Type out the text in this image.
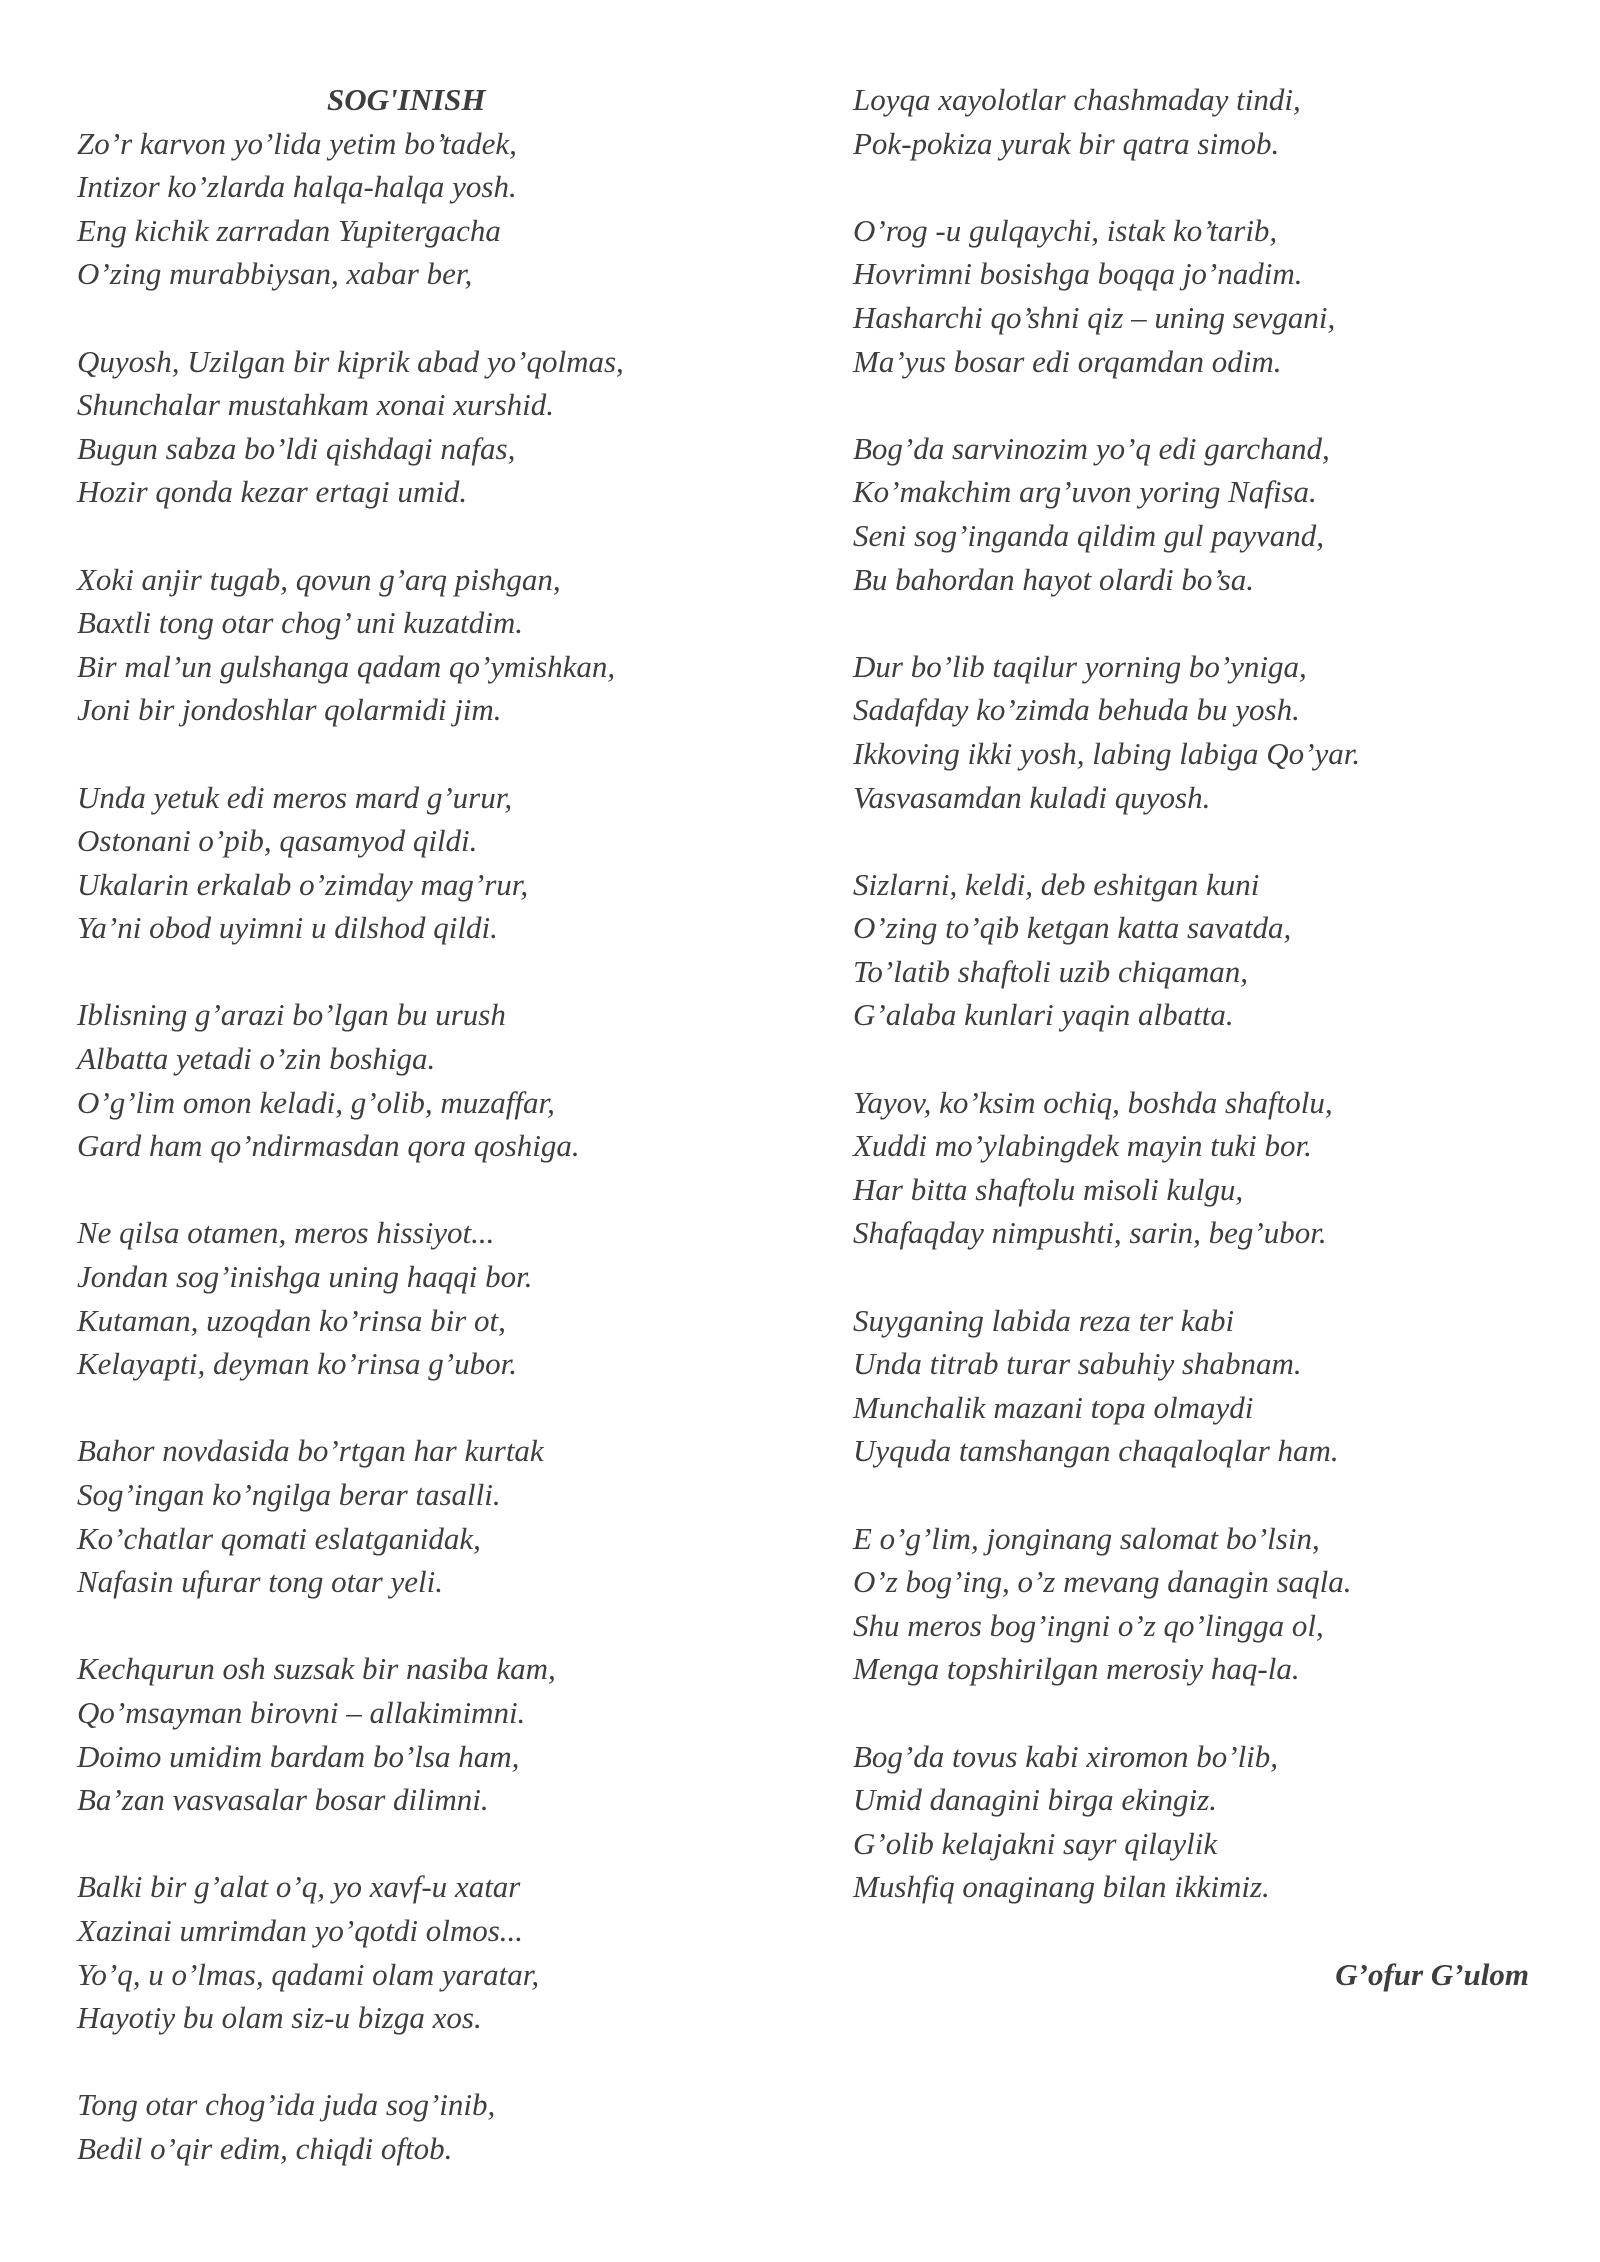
SOG'INISH
Zo’r karvon yo’lida yetim bo’tadek,
Intizor ko’zlarda halqa-halqa yosh.
Eng kichik zarradan Yupitergacha
O’zing murabbiysan, xabar ber,
Quyosh, Uzilgan bir kiprik abad yo’qolmas,
Shunchalar mustahkam xonai xurshid.
Bugun sabza bo’ldi qishdagi nafas,
Hozir qonda kezar ertagi umid.
Xoki anjir tugab, qovun g’arq pishgan,
Baxtli tong otar chog’ uni kuzatdim.
Bir mal’un gulshanga qadam qo’ymishkan,
Joni bir jondoshlar qolarmidi jim.
Unda yetuk edi meros mard g’urur,
Ostonani o’pib, qasamyod qildi.
Ukalarin erkalab o’zimday mag’rur,
Ya’ni obod uyimni u dilshod qildi.
Iblisning g’arazi bo’lgan bu urush
Albatta yetadi o’zin boshiga.
O’g’lim omon keladi, g’olib, muzaffar,
Gard ham qo’ndirmasdan qora qoshiga.
Ne qilsa otamen, meros hissiyot...
Jondan sog’inishga uning haqqi bor.
Kutaman, uzoqdan ko’rinsa bir ot,
Kelayapti, deyman ko’rinsa g’ubor.
Bahor novdasida bo’rtgan har kurtak
Sog’ingan ko’ngilga berar tasalli.
Ko’chatlar qomati eslatganidak,
Nafasin ufurar tong otar yeli.
Kechqurun osh suzsak bir nasiba kam,
Qo’msayman birovni – allakimimni.
Doimo umidim bardam bo’lsa ham,
Ba’zan vasvasalar bosar dilimni.
Balki bir g’alat o’q, yo xavf-u xatar
Xazinai umrimdan yo’qotdi olmos...
Yo’q, u o’lmas, qadami olam yaratar,
Hayotiy bu olam siz-u bizga xos.
Tong otar chog’ida juda sog’inib,
Bedil o’qir edim, chiqdi oftob.
Loyqa xayolotlar chashmaday tindi,
Pok-pokiza yurak bir qatra simob.
O’rog -u gulqaychi, istak ko’tarib,
Hovrimni bosishga boqqa jo’nadim.
Hasharchi qo’shni qiz – uning sevgani,
Ma’yus bosar edi orqamdan odim.
Bog’da sarvinozim yo’q edi garchand,
Ko’makchim arg’uvon yoring Nafisa.
Seni sog’inganda qildim gul payvand,
Bu bahordan hayot olardi bo’sa.
Dur bo’lib taqilur yorning bo’yniga,
Sadafday ko’zimda behuda bu yosh.
Ikkoving ikki yosh, labing labiga Qo’yar.
Vasvasamdan kuladi quyosh.
Sizlarni, keldi, deb eshitgan kuni
O’zing to’qib ketgan katta savatda,
To’latib shaftoli uzib chiqaman,
G’alaba kunlari yaqin albatta.
Yayov, ko’ksim ochiq, boshda shaftolu,
Xuddi mo’ylabingdek mayin tuki bor.
Har bitta shaftolu misoli kulgu,
Shafaqday nimpushti, sarin, beg’ubor.
Suyganing labida reza ter kabi
Unda titrab turar sabuhiy shabnam.
Munchalik mazani topa olmaydi
Uyquda tamshangan chaqaloqlar ham.
E o’g’lim, jonginang salomat bo’lsin,
O’z bog’ing, o’z mevang danagin saqla.
Shu meros bog’ingni o’z qo’lingga ol,
Menga topshirilgan merosiy haq-la.
Bog’da tovus kabi xiromon bo’lib,
Umid danagini birga ekingiz.
G’olib kelajakni sayr qilaylik
Mushfiq onaginang bilan ikkimiz.
G’ofur G’ulom
